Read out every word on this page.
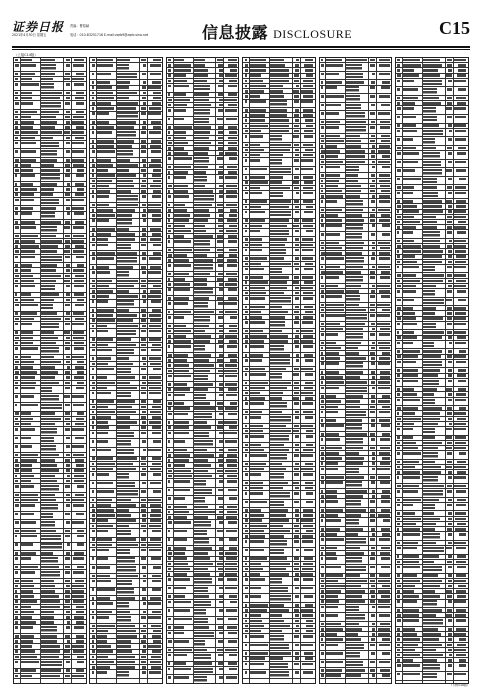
证券日报
2021年4月30日 星期五
责编：曹原赫
电话：010-83251716 E-mail:zqrb9@zqrb.sina.net	信息披露 DISCLOSURE	C15
（上接C14版）
（下转C16版）
